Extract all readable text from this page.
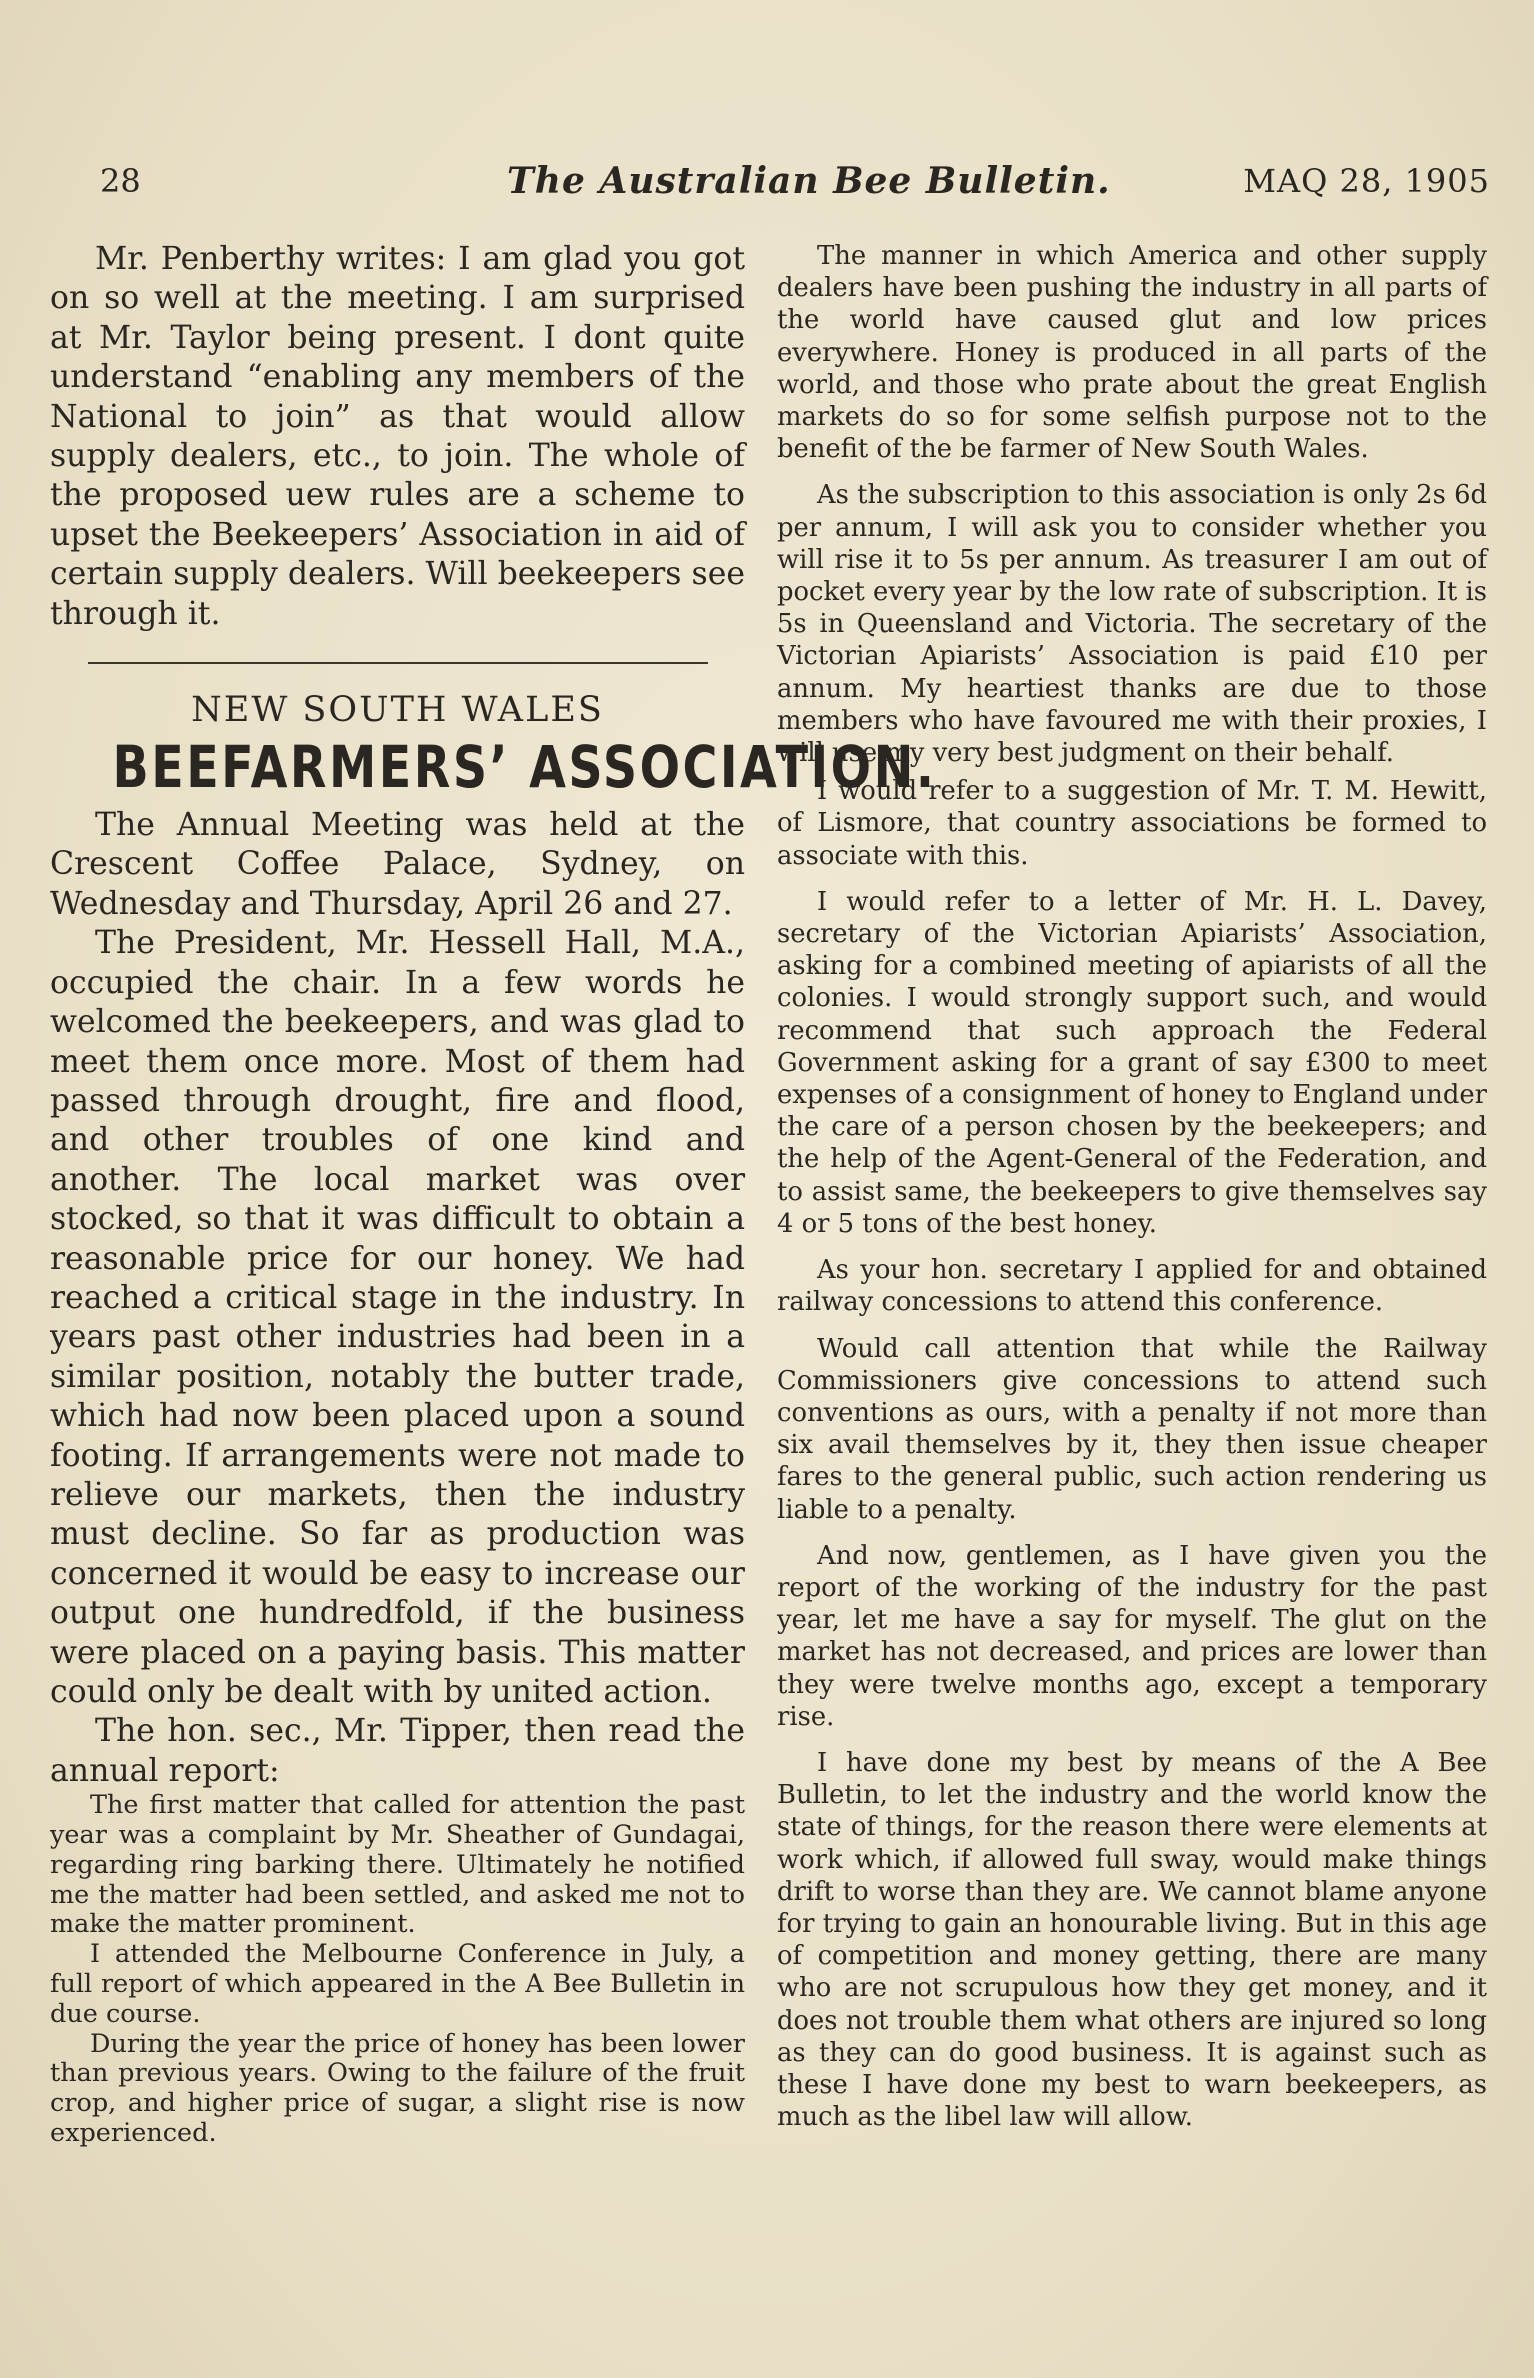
28	The Australian Bee Bulletin.	MAQ 28, 1905

Mr. Penberthy writes: I am glad you got on so well at the meeting. I am surprised at Mr. Taylor being present. I dont quite understand “enabling any members of the National to join” as that would allow supply dealers, etc., to join. The whole of the proposed uew rules are a scheme to upset the Beekeepers’ Association in aid of certain supply dealers. Will beekeepers see through it.

NEW SOUTH WALES
BEEFARMERS’ ASSOCIATION.

The Annual Meeting was held at the Crescent Coffee Palace, Sydney, on Wednesday and Thursday, April 26 and 27.

The President, Mr. Hessell Hall, M.A., occupied the chair. In a few words he welcomed the beekeepers, and was glad to meet them once more. Most of them had passed through drought, fire and flood, and other troubles of one kind and another. The local market was over stocked, so that it was difficult to obtain a reasonable price for our honey. We had reached a critical stage in the industry. In years past other industries had been in a similar position, notably the butter trade, which had now been placed upon a sound footing. If arrangements were not made to relieve our markets, then the industry must decline. So far as production was concerned it would be easy to increase our output one hundredfold, if the business were placed on a paying basis. This matter could only be dealt with by united action.

The hon. sec., Mr. Tipper, then read the annual report:

The first matter that called for attention the past year was a complaint by Mr. Sheather of Gundagai, regarding ring barking there. Ultimately he notified me the matter had been settled, and asked me not to make the matter prominent.

I attended the Melbourne Conference in July, a full report of which appeared in the A Bee Bulletin in due course.

During the year the price of honey has been lower than previous years. Owing to the failure of the fruit crop, and higher price of sugar, a slight rise is now experienced.

The manner in which America and other supply dealers have been pushing the industry in all parts of the world have caused glut and low prices everywhere. Honey is produced in all parts of the world, and those who prate about the great English markets do so for some selfish purpose not to the benefit of the be farmer of New South Wales.

As the subscription to this association is only 2s 6d per annum, I will ask you to consider whether you will rise it to 5s per annum. As treasurer I am out of pocket every year by the low rate of subscription. It is 5s in Queensland and Victoria. The secretary of the Victorian Apiarists’ Association is paid £10 per annum. My heartiest thanks are due to those members who have favoured me with their proxies, I will use my very best judgment on their behalf.

I would refer to a suggestion of Mr. T. M. Hewitt, of Lismore, that country associations be formed to associate with this.

I would refer to a letter of Mr. H. L. Davey, secretary of the Victorian Apiarists’ Association, asking for a combined meeting of apiarists of all the colonies. I would strongly support such, and would recommend that such approach the Federal Government asking for a grant of say £300 to meet expenses of a consignment of honey to England under the care of a person chosen by the beekeepers; and the help of the Agent-General of the Federation, and to assist same, the beekeepers to give themselves say 4 or 5 tons of the best honey.

As your hon. secretary I applied for and obtained railway concessions to attend this conference.

Would call attention that while the Railway Commissioners give concessions to attend such conventions as ours, with a penalty if not more than six avail themselves by it, they then issue cheaper fares to the general public, such action rendering us liable to a penalty.

And now, gentlemen, as I have given you the report of the working of the industry for the past year, let me have a say for myself. The glut on the market has not decreased, and prices are lower than they were twelve months ago, except a temporary rise.

I have done my best by means of the A Bee Bulletin, to let the industry and the world know the state of things, for the reason there were elements at work which, if allowed full sway, would make things drift to worse than they are. We cannot blame anyone for trying to gain an honourable living. But in this age of competition and money getting, there are many who are not scrupulous how they get money, and it does not trouble them what others are injured so long as they can do good business. It is against such as these I have done my best to warn beekeepers, as much as the libel law will allow.
